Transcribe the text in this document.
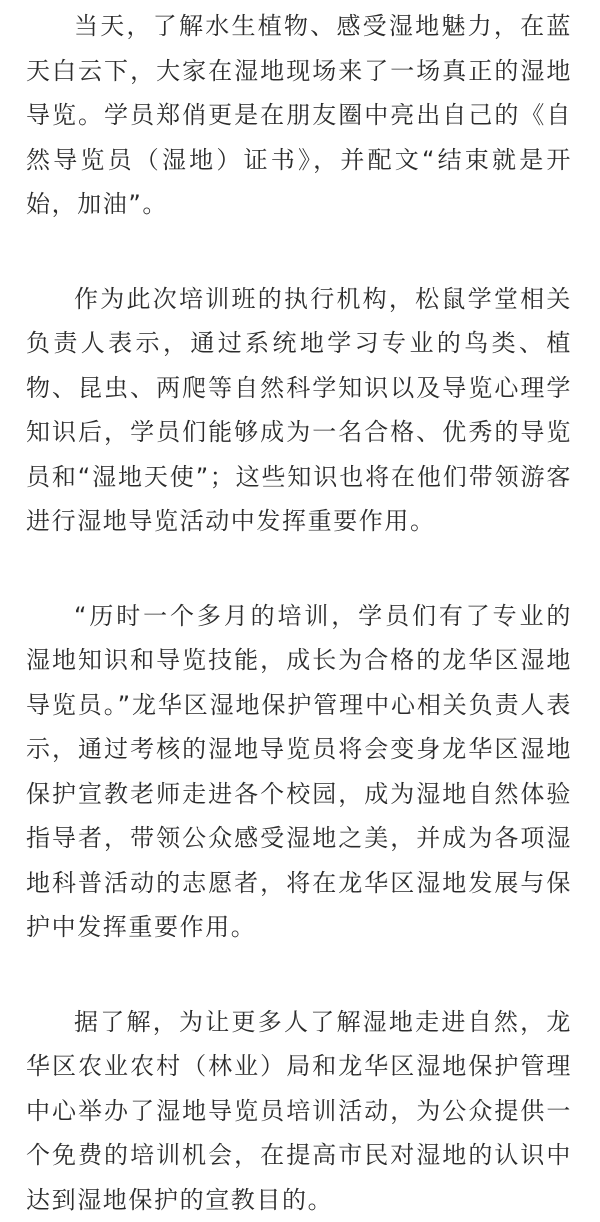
当天，了解水生植物、感受湿地魅力，在蓝天白云下，大家在湿地现场来了一场真正的湿地导览。学员郑俏更是在朋友圈中亮出自己的《自然导览员（湿地）证书》，并配文“结束就是开始，加油”。

作为此次培训班的执行机构，松鼠学堂相关负责人表示，通过系统地学习专业的鸟类、植物、昆虫、两爬等自然科学知识以及导览心理学知识后，学员们能够成为一名合格、优秀的导览员和“湿地天使”；这些知识也将在他们带领游客进行湿地导览活动中发挥重要作用。

“历时一个多月的培训，学员们有了专业的湿地知识和导览技能，成长为合格的龙华区湿地导览员。”龙华区湿地保护管理中心相关负责人表示，通过考核的湿地导览员将会变身龙华区湿地保护宣教老师走进各个校园，成为湿地自然体验指导者，带领公众感受湿地之美，并成为各项湿地科普活动的志愿者，将在龙华区湿地发展与保护中发挥重要作用。

据了解，为让更多人了解湿地走进自然，龙华区农业农村（林业）局和龙华区湿地保护管理中心举办了湿地导览员培训活动，为公众提供一个免费的培训机会，在提高市民对湿地的认识中达到湿地保护的宣教目的。
